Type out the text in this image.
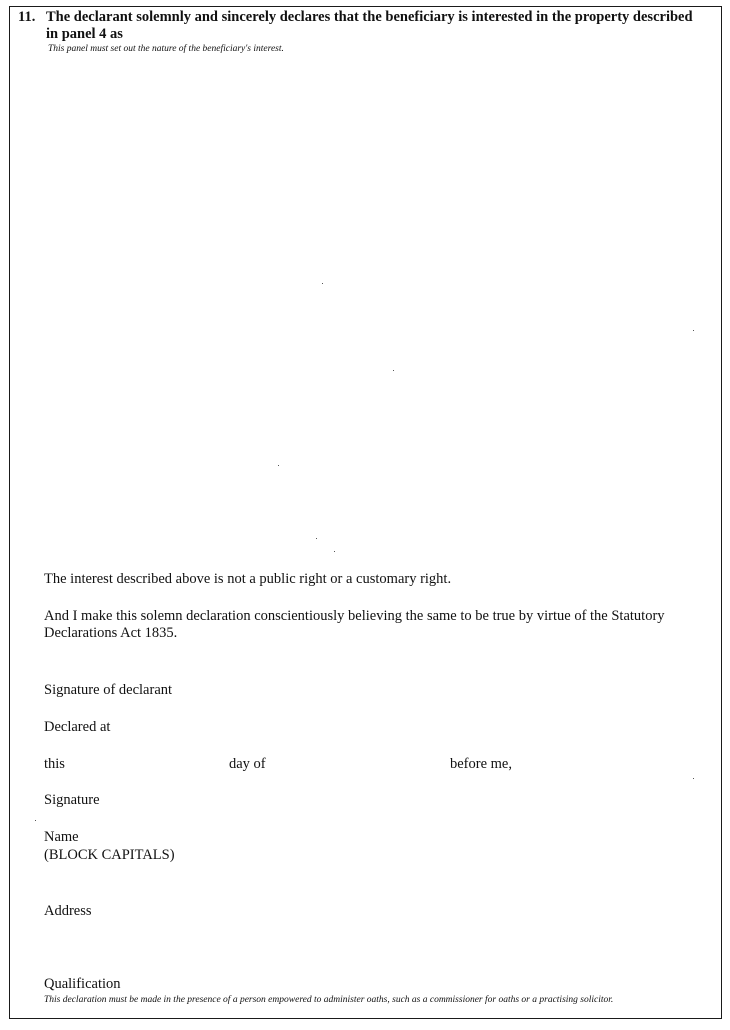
11. The declarant solemnly and sincerely declares that the beneficiary is interested in the property described in panel 4 as
This panel must set out the nature of the beneficiary's interest.
The interest described above is not a public right or a customary right.
And I make this solemn declaration conscientiously believing the same to be true by virtue of the Statutory Declarations Act 1835.
Signature of declarant
Declared at
this	day of	before me,
Signature
Name
(BLOCK CAPITALS)
Address
Qualification
This declaration must be made in the presence of a person empowered to administer oaths, such as a commissioner for oaths or a practising solicitor.
